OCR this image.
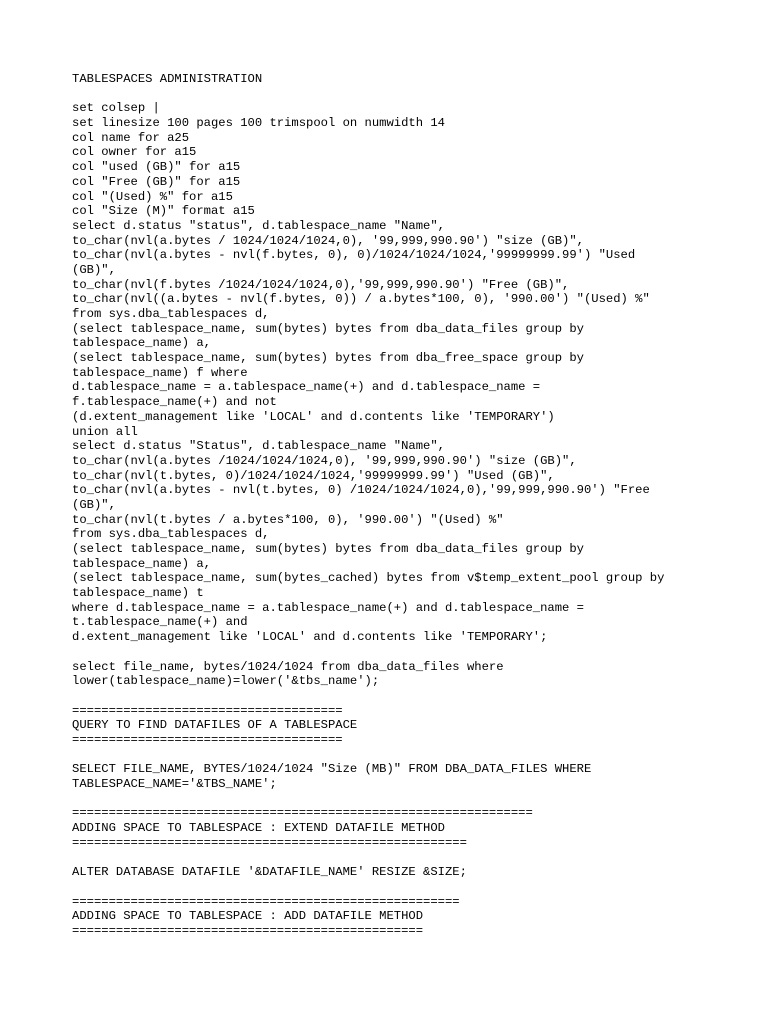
TABLESPACES ADMINISTRATION
set colsep |
set linesize 100 pages 100 trimspool on numwidth 14
col name for a25
col owner for a15
col "used (GB)" for a15
col "Free (GB)" for a15
col "(Used) %" for a15
col "Size (M)" format a15
select d.status "status", d.tablespace_name "Name",
to_char(nvl(a.bytes / 1024/1024/1024,0), '99,999,990.90') "size (GB)",
to_char(nvl(a.bytes - nvl(f.bytes, 0), 0)/1024/1024/1024,'99999999.99') "Used
(GB)",
to_char(nvl(f.bytes /1024/1024/1024,0),'99,999,990.90') "Free (GB)",
to_char(nvl((a.bytes - nvl(f.bytes, 0)) / a.bytes*100, 0), '990.00') "(Used) %"
from sys.dba_tablespaces d,
(select tablespace_name, sum(bytes) bytes from dba_data_files group by
tablespace_name) a,
(select tablespace_name, sum(bytes) bytes from dba_free_space group by
tablespace_name) f where
d.tablespace_name = a.tablespace_name(+) and d.tablespace_name =
f.tablespace_name(+) and not
(d.extent_management like 'LOCAL' and d.contents like 'TEMPORARY')
union all
select d.status "Status", d.tablespace_name "Name",
to_char(nvl(a.bytes /1024/1024/1024,0), '99,999,990.90') "size (GB)",
to_char(nvl(t.bytes, 0)/1024/1024/1024,'99999999.99') "Used (GB)",
to_char(nvl(a.bytes - nvl(t.bytes, 0) /1024/1024/1024,0),'99,999,990.90') "Free
(GB)",
to_char(nvl(t.bytes / a.bytes*100, 0), '990.00') "(Used) %"
from sys.dba_tablespaces d,
(select tablespace_name, sum(bytes) bytes from dba_data_files group by
tablespace_name) a,
(select tablespace_name, sum(bytes_cached) bytes from v$temp_extent_pool group by
tablespace_name) t
where d.tablespace_name = a.tablespace_name(+) and d.tablespace_name =
t.tablespace_name(+) and
d.extent_management like 'LOCAL' and d.contents like 'TEMPORARY';
select file_name, bytes/1024/1024 from dba_data_files where
lower(tablespace_name)=lower('&tbs_name');
=====================================
QUERY TO FIND DATAFILES OF A TABLESPACE
=====================================
SELECT FILE_NAME, BYTES/1024/1024 "Size (MB)" FROM DBA_DATA_FILES WHERE
TABLESPACE_NAME='&TBS_NAME';
===============================================================
ADDING SPACE TO TABLESPACE : EXTEND DATAFILE METHOD
======================================================
ALTER DATABASE DATAFILE '&DATAFILE_NAME' RESIZE &SIZE;
=====================================================
ADDING SPACE TO TABLESPACE : ADD DATAFILE METHOD
================================================
